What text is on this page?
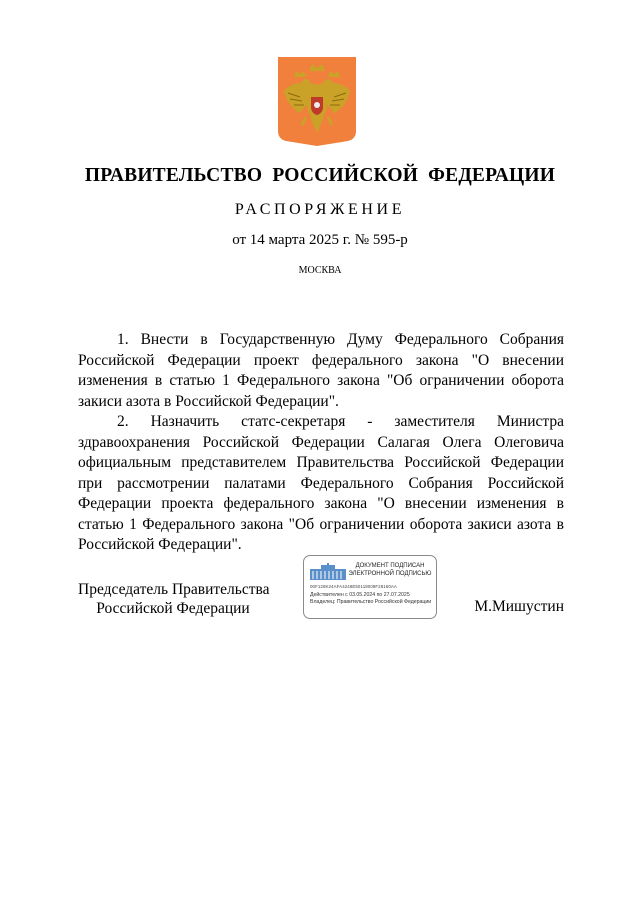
ПРАВИТЕЛЬСТВО РОССИЙСКОЙ ФЕДЕРАЦИИ
РАСПОРЯЖЕНИЕ
от 14 марта 2025 г. № 595-р
МОСКВА

1. Внести в Государственную Думу Федерального Собрания Российской Федерации проект федерального закона "О внесении изменения в статью 1 Федерального закона "Об ограничении оборота закиси азота в Российской Федерации".

2. Назначить статс-секретаря - заместителя Министра здравоохранения Российской Федерации Салагая Олега Олеговича официальным представителем Правительства Российской Федерации при рассмотрении палатами Федерального Собрания Российской Федерации проекта федерального закона "О внесении изменения в статью 1 Федерального закона "Об ограничении оборота закиси азота в Российской Федерации".

Председатель Правительства
Российской Федерации
ДОКУМЕНТ ПОДПИСАН
ЭЛЕКТРОННОЙ ПОДПИСЬЮ
00F128K24AFA4248E50118009F28160AA
Действителен с 03.05.2024 по 27.07.2025
Владелец: Правительство Российской Федерации	М.Мишустин
